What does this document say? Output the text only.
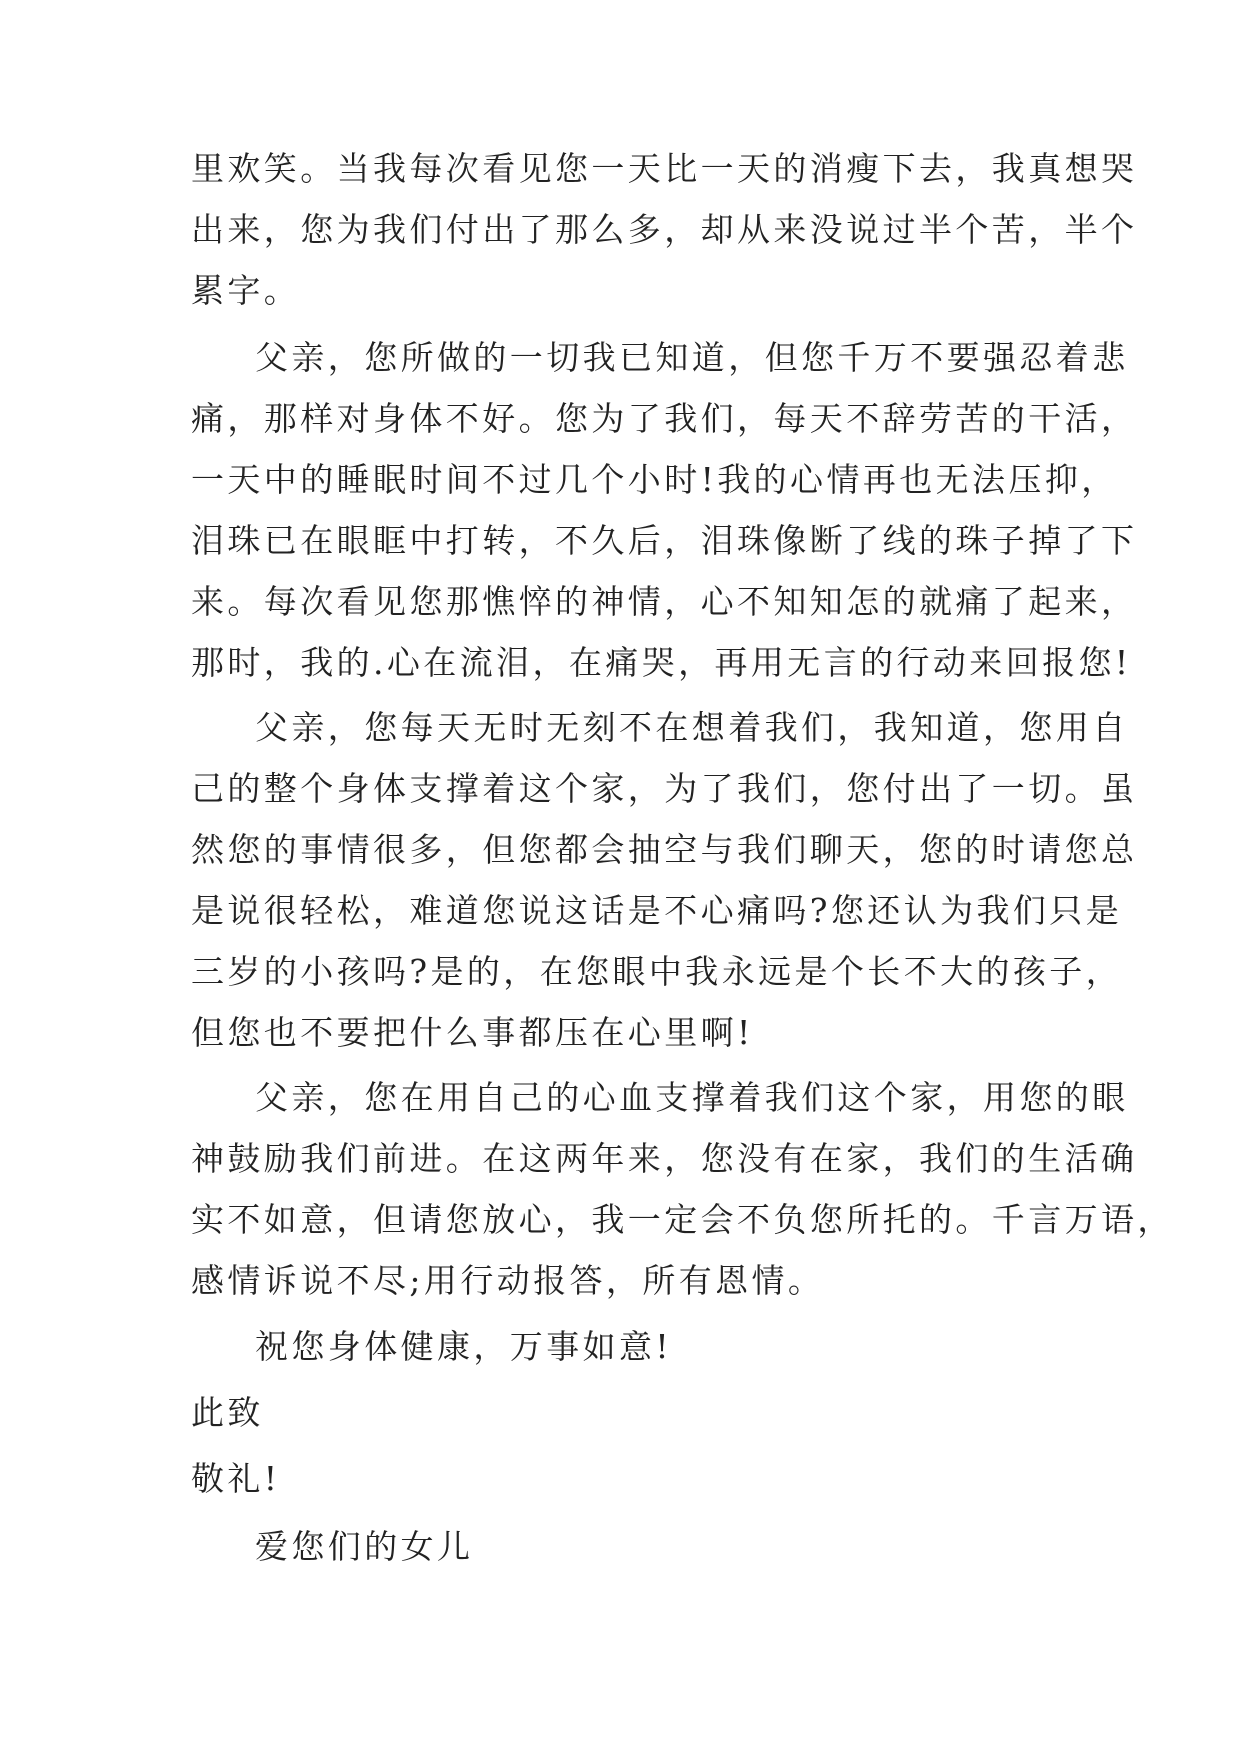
里欢笑。当我每次看见您一天比一天的消瘦下去，我真想哭
出来，您为我们付出了那么多，却从来没说过半个苦，半个
累字。
父亲，您所做的一切我已知道，但您千万不要强忍着悲
痛，那样对身体不好。您为了我们，每天不辞劳苦的干活，
一天中的睡眠时间不过几个小时!我的心情再也无法压抑，
泪珠已在眼眶中打转，不久后，泪珠像断了线的珠子掉了下
来。每次看见您那憔悴的神情，心不知知怎的就痛了起来，
那时，我的.心在流泪，在痛哭，再用无言的行动来回报您!
父亲，您每天无时无刻不在想着我们，我知道，您用自
己的整个身体支撑着这个家，为了我们，您付出了一切。虽
然您的事情很多，但您都会抽空与我们聊天，您的时请您总
是说很轻松，难道您说这话是不心痛吗?您还认为我们只是
三岁的小孩吗?是的，在您眼中我永远是个长不大的孩子，
但您也不要把什么事都压在心里啊!
父亲，您在用自己的心血支撑着我们这个家，用您的眼
神鼓励我们前进。在这两年来，您没有在家，我们的生活确
实不如意，但请您放心，我一定会不负您所托的。千言万语，
感情诉说不尽;用行动报答，所有恩情。
祝您身体健康，万事如意!
此致
敬礼!
爱您们的女儿
